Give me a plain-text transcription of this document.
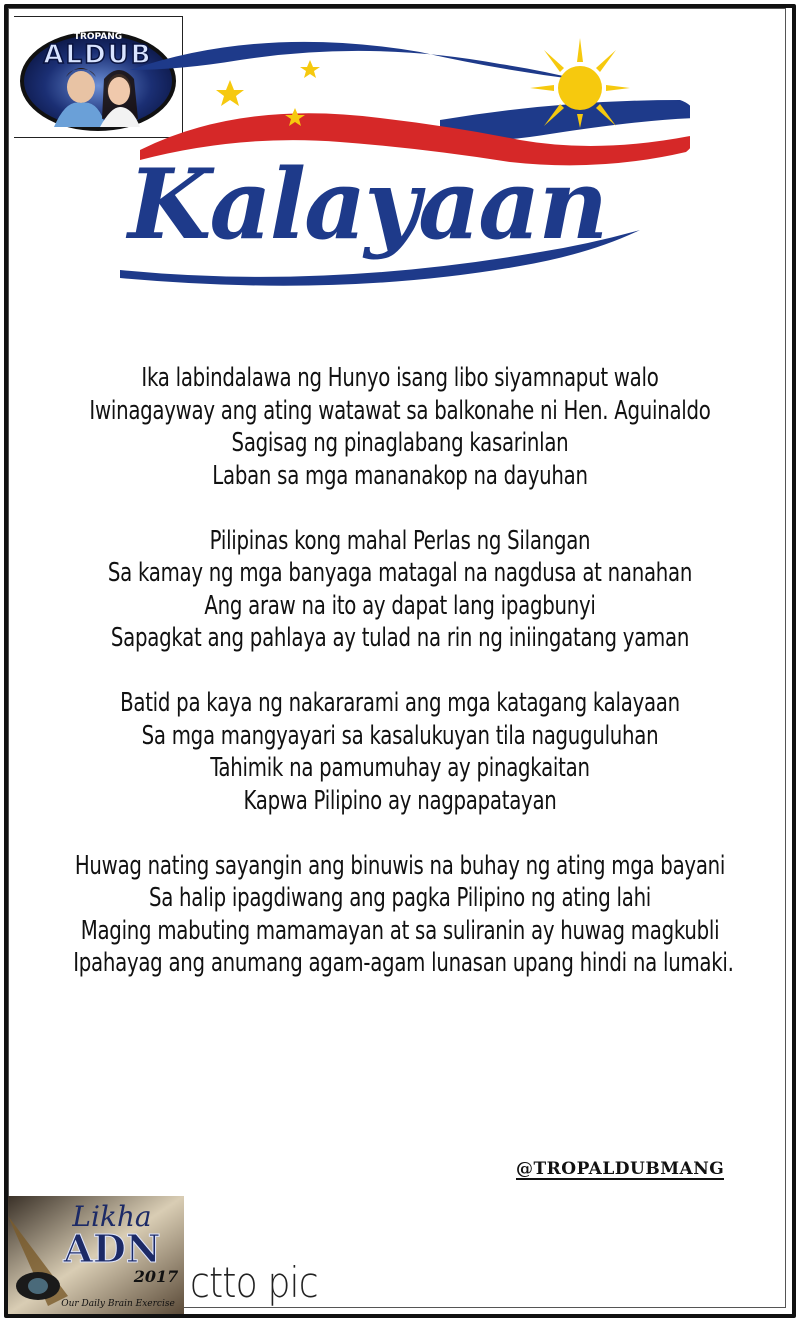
TROPANG
ALDUB
Kalayaan
Ika labindalawa ng Hunyo isang libo siyamnaput walo
Iwinagayway ang ating watawat sa balkonahe ni Hen. Aguinaldo
Sagisag ng pinaglabang kasarinlan
Laban sa mga mananakop na dayuhan
Pilipinas kong mahal Perlas ng Silangan
Sa kamay ng mga banyaga matagal na nagdusa at nanahan
Ang araw na ito ay dapat lang ipagbunyi
Sapagkat ang pahlaya ay tulad na rin ng iniingatang yaman
Batid pa kaya ng nakararami ang mga katagang kalayaan
Sa mga mangyayari sa kasalukuyan tila naguguluhan
Tahimik na pamumuhay ay pinagkaitan
Kapwa Pilipino ay nagpapatayan
Huwag nating sayangin ang binuwis na buhay ng ating mga bayani
Sa halip ipagdiwang ang pagka Pilipino ng ating lahi
Maging mabuting mamamayan at sa suliranin ay huwag magkubli
Ipahayag ang anumang agam-agam lunasan upang hindi na lumaki.
@TROPALDUBMANG
Likha
ADN
2017
Our Daily Brain Exercise ctto pic
